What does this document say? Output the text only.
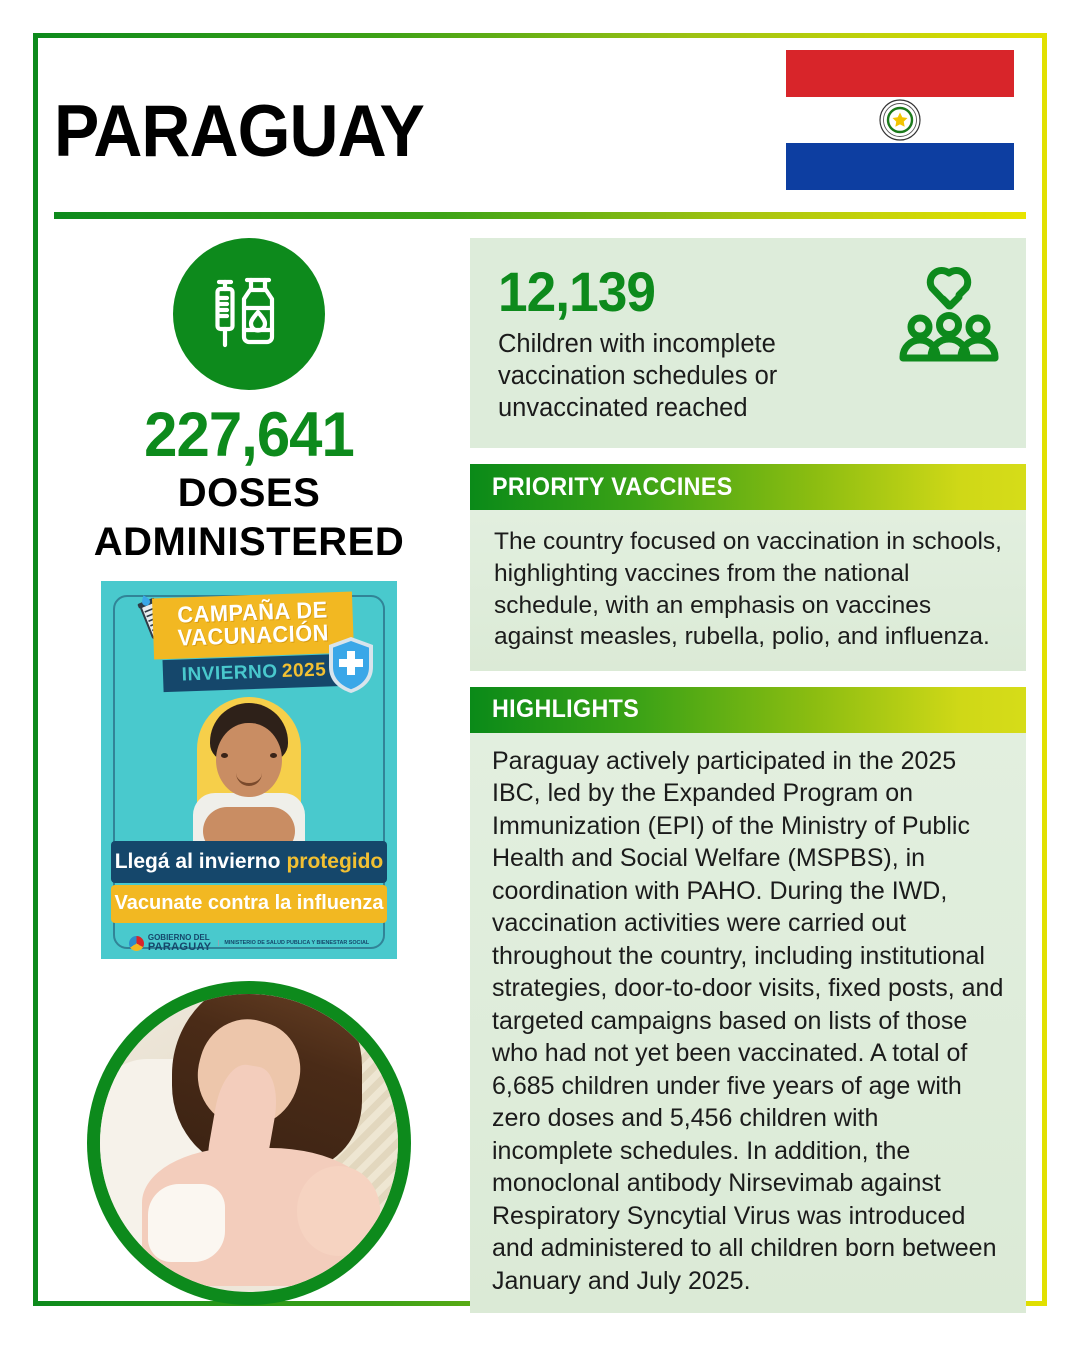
PARAGUAY
227,641
DOSES
ADMINISTERED
CAMPAÑA DE
VACUNACIÓN
INVIERNO 2025
Llegá al invierno protegido
Vacunate contra la influenza
GOBIERNO DEL
PARAGUAY	MINISTERIO DE SALUD PUBLICA Y BIENESTAR SOCIAL
12,139
Children with incomplete vaccination schedules or unvaccinated reached
PRIORITY VACCINES
The country focused on vaccination in schools, highlighting vaccines from the national schedule, with an emphasis on vaccines against measles, rubella, polio, and influenza.
HIGHLIGHTS
Paraguay actively participated in the 2025 IBC, led by the Expanded Program on Immunization (EPI) of the Ministry of Public Health and Social Welfare (MSPBS), in coordination with PAHO. During the IWD, vaccination activities were carried out throughout the country, including institutional strategies, door-to-door visits, fixed posts, and targeted campaigns based on lists of those who had not yet been vaccinated. A total of 6,685 children under five years of age with zero doses and 5,456 children with incomplete schedules. In addition, the monoclonal antibody Nirsevimab against Respiratory Syncytial Virus was introduced and administered to all children born between January and July 2025.
